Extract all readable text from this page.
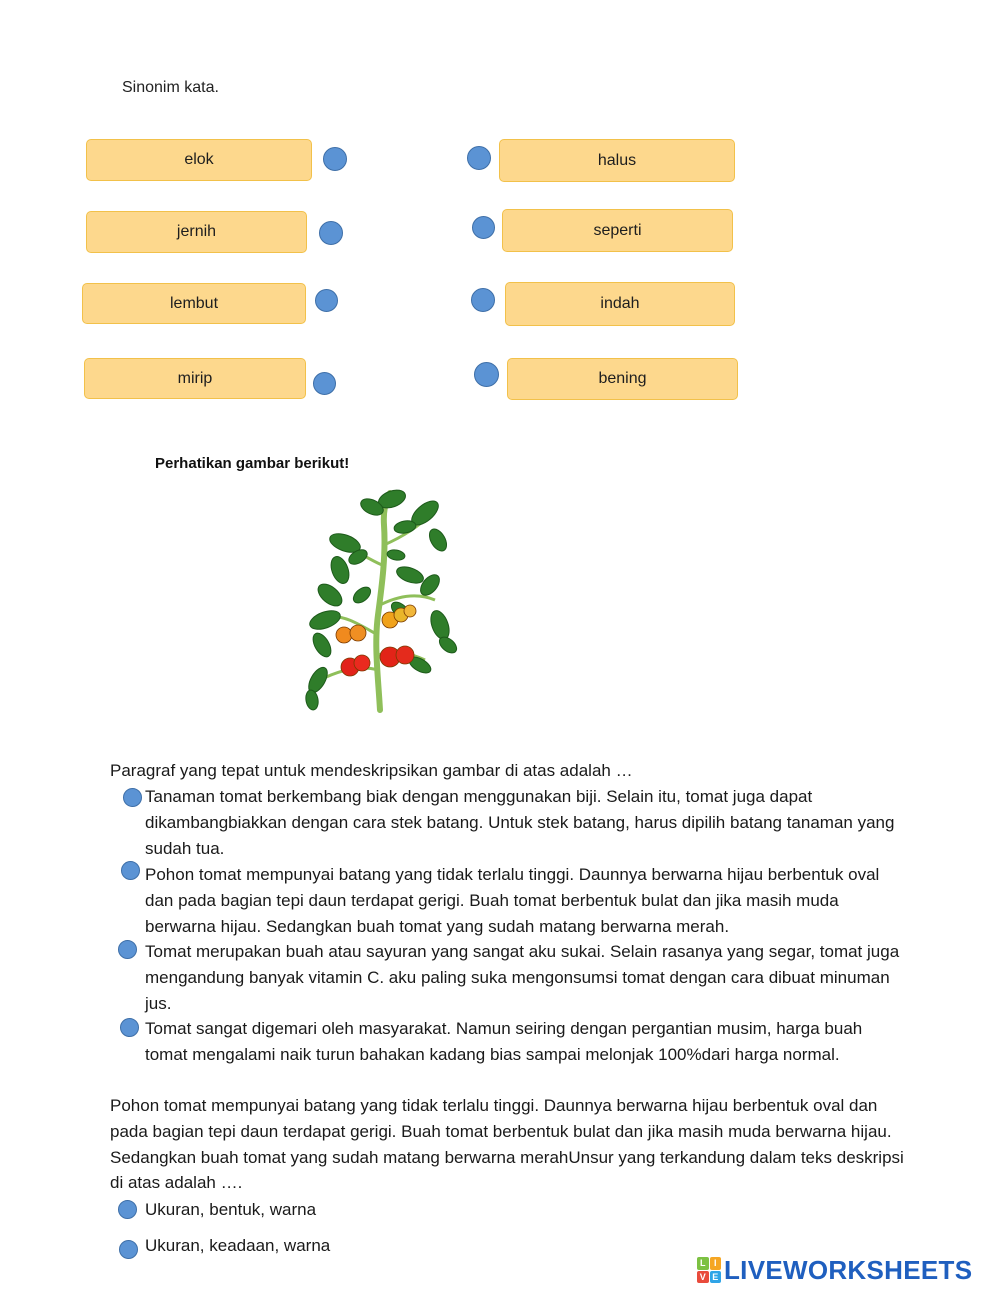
Sinonim kata.
elok
jernih
lembut
mirip
halus
seperti
indah
bening
Perhatikan gambar berikut!
Paragraf yang tepat untuk mendeskripsikan gambar di atas adalah …
Tanaman tomat berkembang biak dengan menggunakan biji. Selain itu, tomat juga dapat
dikambangbiakkan dengan cara stek batang. Untuk stek batang, harus dipilih batang tanaman yang
sudah tua.
Pohon tomat mempunyai batang yang tidak terlalu tinggi. Daunnya berwarna hijau berbentuk oval
dan pada bagian tepi daun terdapat gerigi. Buah tomat berbentuk bulat dan jika masih muda
berwarna hijau. Sedangkan buah tomat yang sudah matang berwarna merah.
Tomat merupakan buah atau sayuran yang sangat aku sukai. Selain rasanya yang segar, tomat juga
mengandung banyak vitamin C. aku paling suka mengonsumsi tomat dengan cara dibuat minuman
jus.
Tomat sangat digemari oleh masyarakat. Namun seiring dengan pergantian musim, harga buah
tomat mengalami naik turun bahakan kadang bias sampai melonjak 100%dari harga normal.
Pohon tomat mempunyai batang yang tidak terlalu tinggi. Daunnya berwarna hijau berbentuk oval dan
pada bagian tepi daun terdapat gerigi. Buah tomat berbentuk bulat dan jika masih muda berwarna hijau.
Sedangkan buah tomat yang sudah matang berwarna merahUnsur yang terkandung dalam teks deskripsi
di atas adalah ….
Ukuran, bentuk, warna
Ukuran, keadaan, warna
L I
V E LIVEWORKSHEETS
